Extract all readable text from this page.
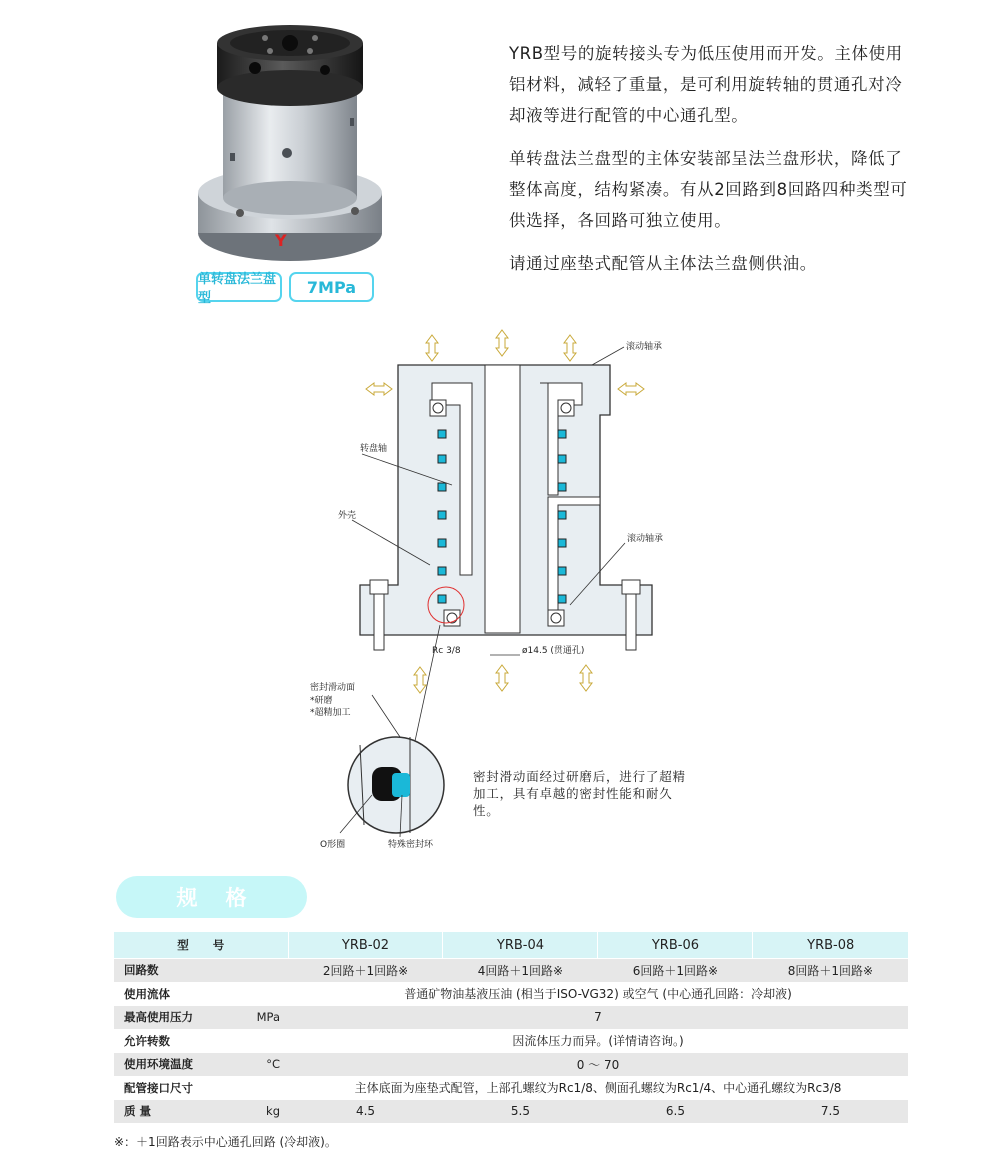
Y
单转盘法兰盘型
7MPa

YRB型号的旋转接头专为低压使用而开发。主体使用铝材料，减轻了重量，是可利用旋转轴的贯通孔对冷却液等进行配管的中心通孔型。

单转盘法兰盘型的主体安装部呈法兰盘形状，降低了整体高度，结构紧凑。有从2回路到8回路四种类型可供选择，各回路可独立使用。

请通过座垫式配管从主体法兰盘侧供油。

滚动轴承
转盘轴
外壳
滚动轴承
Rc 3/8	ø14.5 (贯通孔)
密封滑动面
*研磨
*超精加工
O形圈	特殊密封环
密封滑动面经过研磨后，进行了超精加工，具有卓越的密封性能和耐久性。
规格
型 号		YRB-02	YRB-04	YRB-06	YRB-08
回路数		2回路＋1回路※	4回路＋1回路※	6回路＋1回路※	8回路＋1回路※
使用流体		普通矿物油基液压油 (相当于ISO-VG32) 或空气 (中心通孔回路：冷却液)			
最高使用压力	MPa	7			
允许转数		因流体压力而异。(详情请咨询。)			
使用环境温度	°C	0 ～ 70			
配管接口尺寸		主体底面为座垫式配管，上部孔螺纹为Rc1/8、侧面孔螺纹为Rc1/4、中心通孔螺纹为Rc3/8			
质 量	kg	4.5	5.5	6.5	7.5
※：＋1回路表示中心通孔回路 (冷却液)。
